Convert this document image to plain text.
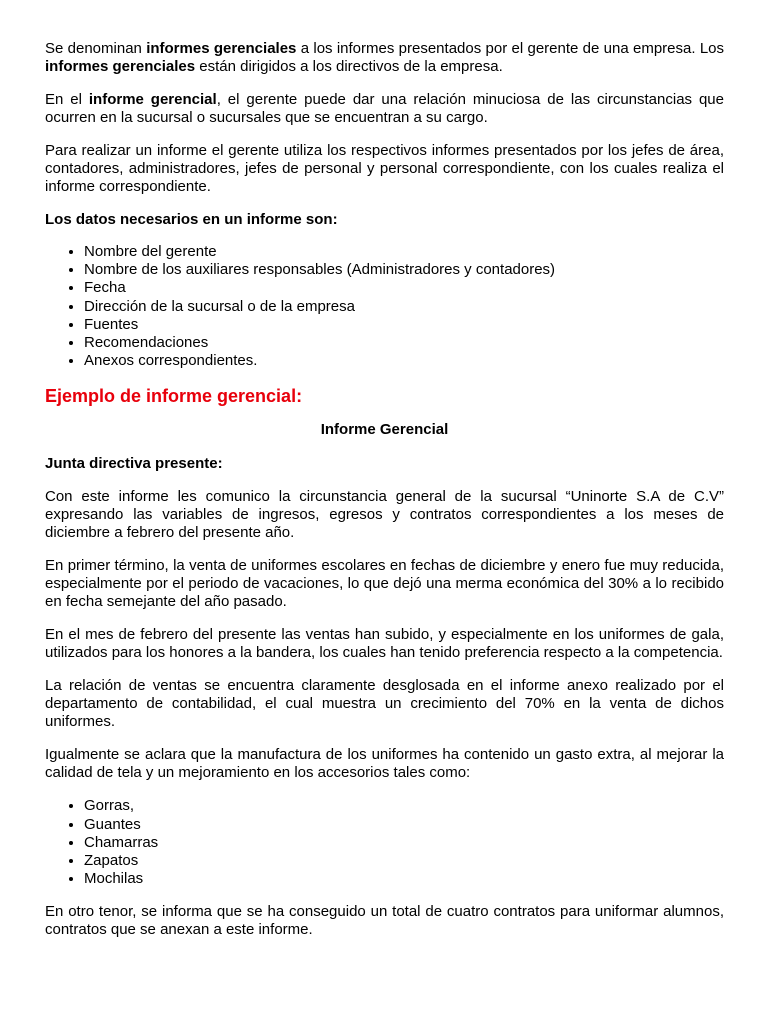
Se denominan informes gerenciales a los informes presentados por el gerente de una empresa. Los informes gerenciales están dirigidos a los directivos de la empresa.

En el informe gerencial, el gerente puede dar una relación minuciosa de las circunstancias que ocurren en la sucursal o sucursales que se encuentran a su cargo.

Para realizar un informe el gerente utiliza los respectivos informes presentados por los jefes de área, contadores, administradores, jefes de personal y personal correspondiente, con los cuales realiza el informe correspondiente.

Los datos necesarios en un informe son:

• Nombre del gerente
• Nombre de los auxiliares responsables (Administradores y contadores)
• Fecha
• Dirección de la sucursal o de la empresa
• Fuentes
• Recomendaciones
• Anexos correspondientes.
Ejemplo de informe gerencial:
Informe Gerencial

Junta directiva presente:

Con este informe les comunico la circunstancia general de la sucursal “Uninorte S.A de C.V” expresando las variables de ingresos, egresos y contratos correspondientes a los meses de diciembre a febrero del presente año.

En primer término, la venta de uniformes escolares en fechas de diciembre y enero fue muy reducida, especialmente por el periodo de vacaciones, lo que dejó una merma económica del 30% a lo recibido en fecha semejante del año pasado.

En el mes de febrero del presente las ventas han subido, y especialmente en los uniformes de gala, utilizados para los honores a la bandera, los cuales han tenido preferencia respecto a la competencia.

La relación de ventas se encuentra claramente desglosada en el informe anexo realizado por el departamento de contabilidad, el cual muestra un crecimiento del 70% en la venta de dichos uniformes.

Igualmente se aclara que la manufactura de los uniformes ha contenido un gasto extra, al mejorar la calidad de tela y un mejoramiento en los accesorios tales como:

• Gorras,
• Guantes
• Chamarras
• Zapatos
• Mochilas

En otro tenor, se informa que se ha conseguido un total de cuatro contratos para uniformar alumnos, contratos que se anexan a este informe.
